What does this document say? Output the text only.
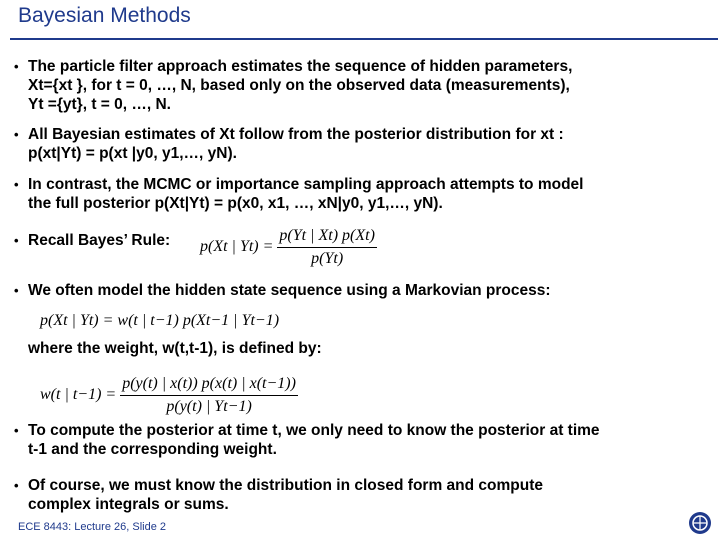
Bayesian Methods
• The particle filter approach estimates the sequence of hidden parameters,
Xt={xt }, for t = 0, …, N, based only on the observed data (measurements),
Yt ={yt}, t = 0, …, N.
• All Bayesian estimates of Xt follow from the posterior distribution for xt :
p(xt|Yt) = p(xt |y0, y1,…, yN).
• In contrast, the MCMC or importance sampling approach attempts to model
the full posterior p(Xt|Yt) = p(x0, x1, …, xN|y0, y1,…, yN).
• Recall Bayes’ Rule:	p(Xt | $Yt) = \frac{p(Yt | Xt) p(Xt)}{p(Yt)}$
• We often model the hidden state sequence using a Markovian process:
p(Xt | Yt) = w(t | t−1) p(Xt−1 | Yt−1)
where the weight, w(t,t-1), is defined by:
w(t | $t-1) = \frac{p(y(t) | x(t)) p(x(t) | x(t-1))}{p(y(t) | Yt-1)}$
• To compute the posterior at time t, we only need to know the posterior at time
t-1 and the corresponding weight.
• Of course, we must know the distribution in closed form and compute
complex integrals or sums.
ECE 8443: Lecture 26, Slide 2
